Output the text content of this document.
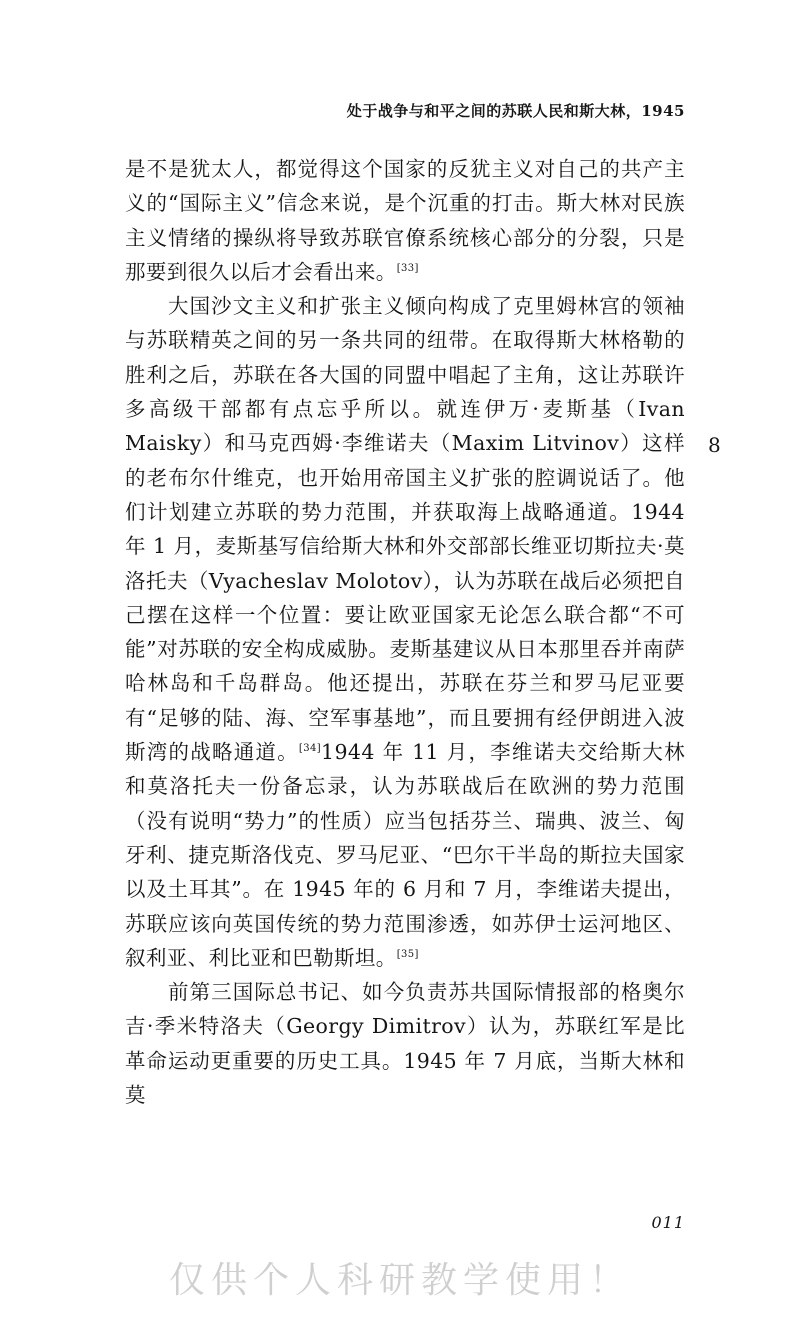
处于战争与和平之间的苏联人民和斯大林，1945

是不是犹太人，都觉得这个国家的反犹主义对自己的共产主义的“国际主义”信念来说，是个沉重的打击。斯大林对民族主义情绪的操纵将导致苏联官僚系统核心部分的分裂，只是那要到很久以后才会看出来。[33]

大国沙文主义和扩张主义倾向构成了克里姆林宫的领袖与苏联精英之间的另一条共同的纽带。在取得斯大林格勒的胜利之后，苏联在各大国的同盟中唱起了主角，这让苏联许多高级干部都有点忘乎所以。就连伊万·麦斯基（Ivan Maisky）和马克西姆·李维诺夫（Maxim Litvinov）这样的老布尔什维克，也开始用帝国主义扩张的腔调说话了。他们计划建立苏联的势力范围，并获取海上战略通道。1944 年 1 月，麦斯基写信给斯大林和外交部部长维亚切斯拉夫·莫洛托夫（Vyacheslav Molotov），认为苏联在战后必须把自己摆在这样一个位置：要让欧亚国家无论怎么联合都“不可能”对苏联的安全构成威胁。麦斯基建议从日本那里吞并南萨哈林岛和千岛群岛。他还提出，苏联在芬兰和罗马尼亚要有“足够的陆、海、空军事基地”，而且要拥有经伊朗进入波斯湾的战略通道。[34]1944 年 11 月，李维诺夫交给斯大林和莫洛托夫一份备忘录，认为苏联战后在欧洲的势力范围（没有说明“势力”的性质）应当包括芬兰、瑞典、波兰、匈牙利、捷克斯洛伐克、罗马尼亚、“巴尔干半岛的斯拉夫国家以及土耳其”。在 1945 年的 6 月和 7 月，李维诺夫提出，苏联应该向英国传统的势力范围渗透，如苏伊士运河地区、叙利亚、利比亚和巴勒斯坦。[35]

前第三国际总书记、如今负责苏共国际情报部的格奥尔吉·季米特洛夫（Georgy Dimitrov）认为，苏联红军是比革命运动更重要的历史工具。1945 年 7 月底，当斯大林和莫

8
011
仅供个人科研教学使用！
